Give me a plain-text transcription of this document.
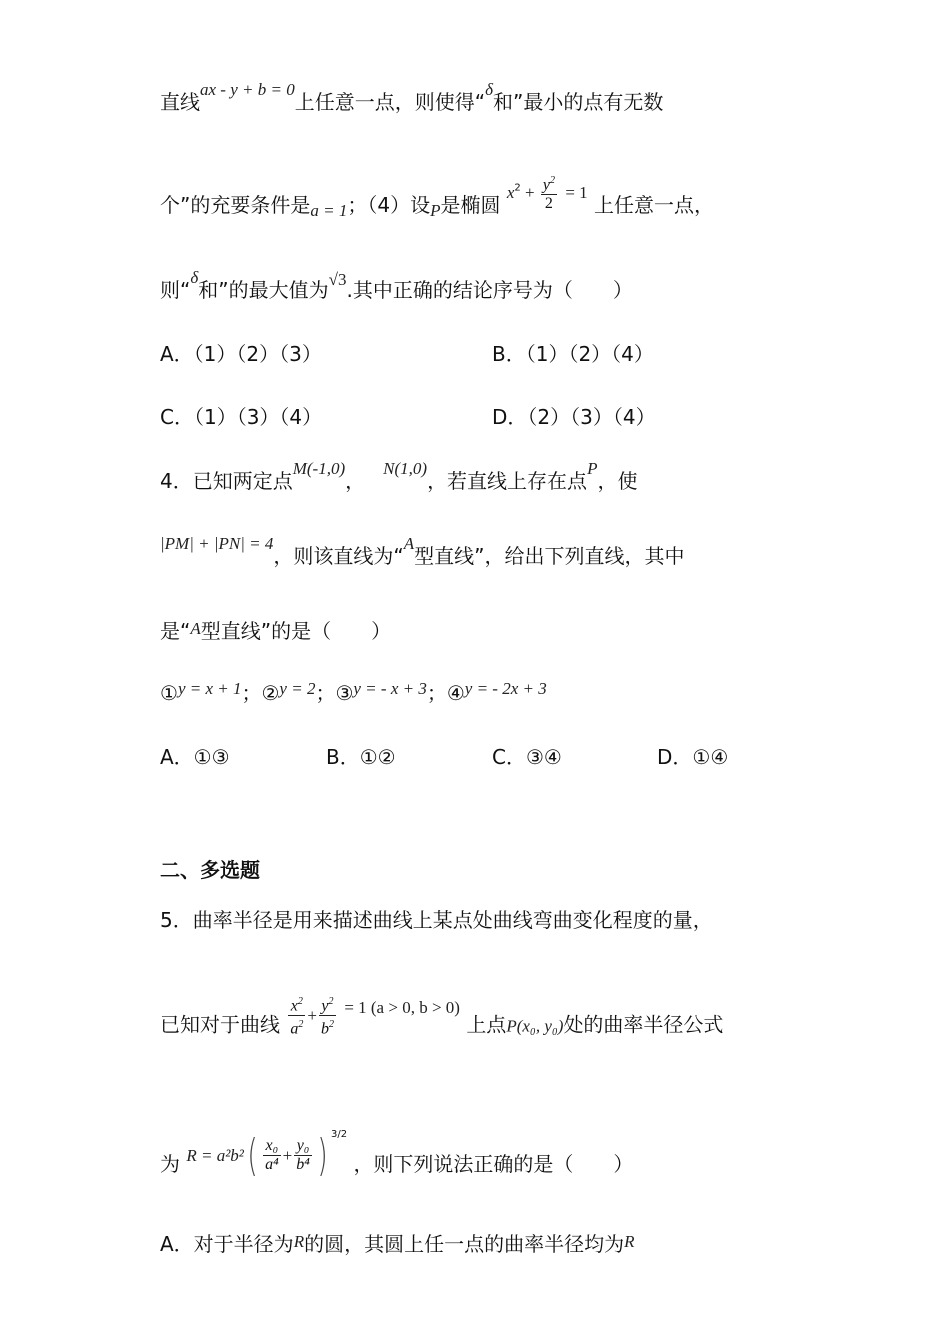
直线$^{ax - y + b = 0}$上任意一点，则使得“$^\delta$和”最小的点有无数
个”的充要条件是$_{a = 1}$；（4）设$_P$是椭圆 $x^2 + \frac{y^2}{2} = 1$ 上任意一点，
则“$^\delta$和”的最大值为$^{√3}$.其中正确的结论序号为（　　）
A．（1）（2）（3）	B．（1）（2）（4）
C．（1）（3）（4）	D．（2）（3）（4）
4．已知两定点$^{M(-1,0)}$，$^{N(1,0)}$，若直线上存在点$^P$，使
$^{|PM| + |PN| = 4}$，则该直线为“$^A$型直线”，给出下列直线，其中
是“$^A$型直线”的是（　　）
①$^{y = x + 1}$；②$^{y = 2}$；③$^{y = - x + 3}$；④$^{y = - 2x + 3}$
A．①③	B．①②	C．③④	D．①④
二、多选题
5．曲率半径是用来描述曲线上某点处曲线弯曲变化程度的量，
已知对于曲线 $\frac{x^2}{a^2} + \frac{y^2}{b^2} ^{= 1 (a > 0, b > 0)}$ 上点P(x₀, y₀)处的曲率半径公式
为 $R = a^2b^2( \frac{\text{x₀}}{\text{a⁴}} + \frac{\text{y₀}}{\text{b⁴}}$ ) $^{3/2}$ ，则下列说法正确的是（　　）
A．对于半径为$^R$的圆，其圆上任一点的曲率半径均为$^R$
